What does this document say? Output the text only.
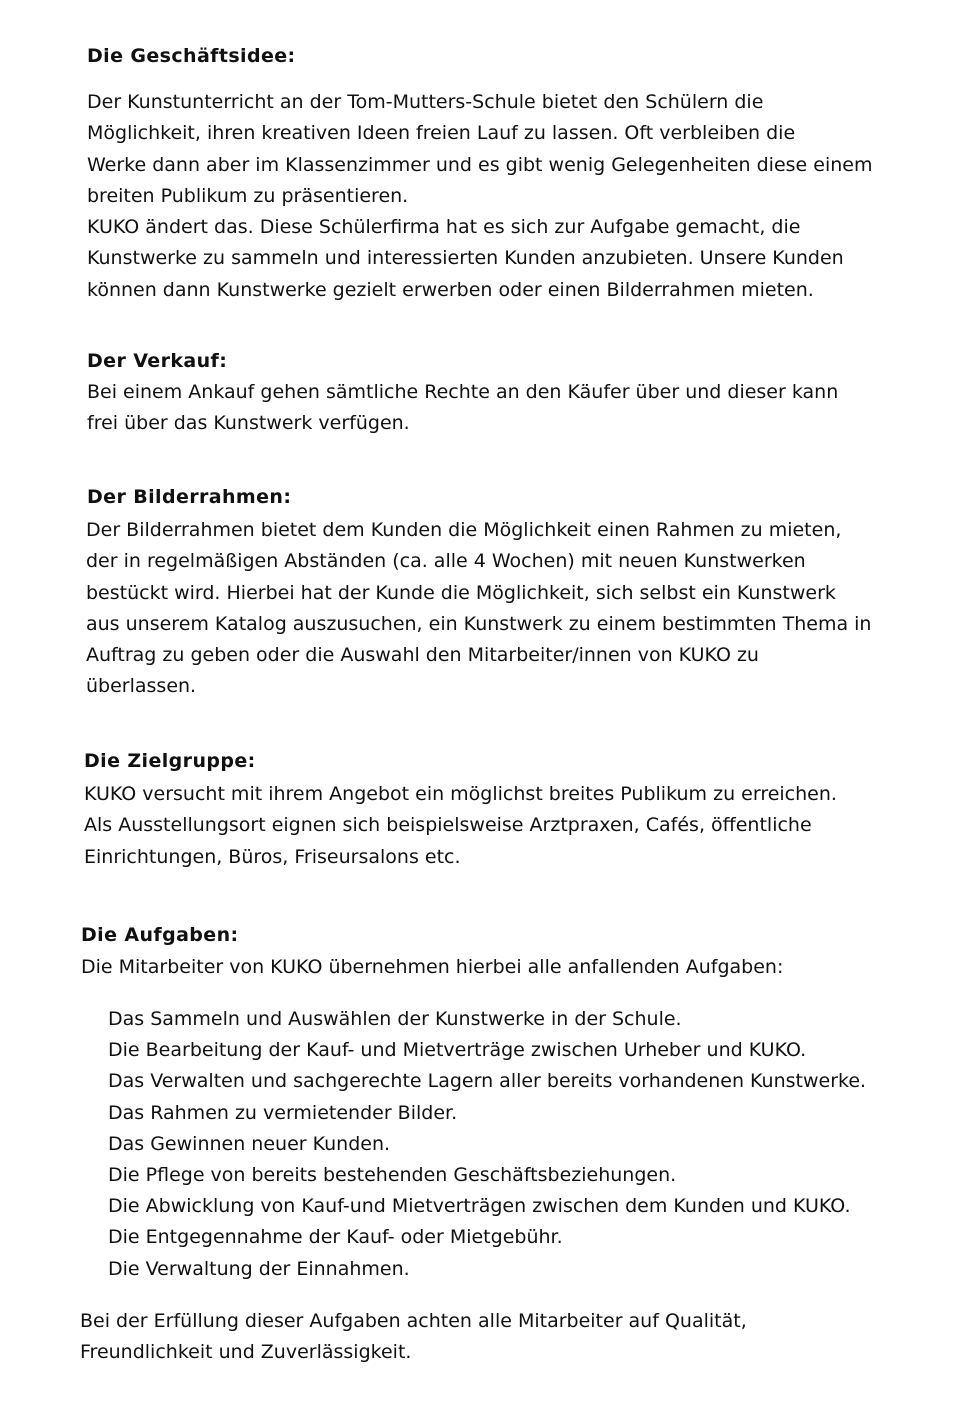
Die Geschäftsidee:
Der Kunstunterricht an der Tom-Mutters-Schule bietet den Schülern die
Möglichkeit, ihren kreativen Ideen freien Lauf zu lassen. Oft verbleiben die
Werke dann aber im Klassenzimmer und es gibt wenig Gelegenheiten diese einem
breiten Publikum zu präsentieren.
KUKO ändert das. Diese Schülerfirma hat es sich zur Aufgabe gemacht, die
Kunstwerke zu sammeln und interessierten Kunden anzubieten. Unsere Kunden
können dann Kunstwerke gezielt erwerben oder einen Bilderrahmen mieten.
Der Verkauf:
Bei einem Ankauf gehen sämtliche Rechte an den Käufer über und dieser kann
frei über das Kunstwerk verfügen.
Der Bilderrahmen:
Der Bilderrahmen bietet dem Kunden die Möglichkeit einen Rahmen zu mieten,
der in regelmäßigen Abständen (ca. alle 4 Wochen) mit neuen Kunstwerken
bestückt wird. Hierbei hat der Kunde die Möglichkeit, sich selbst ein Kunstwerk
aus unserem Katalog auszusuchen, ein Kunstwerk zu einem bestimmten Thema in
Auftrag zu geben oder die Auswahl den Mitarbeiter/innen von KUKO zu
überlassen.
Die Zielgruppe:
KUKO versucht mit ihrem Angebot ein möglichst breites Publikum zu erreichen.
Als Ausstellungsort eignen sich beispielsweise Arztpraxen, Cafés, öffentliche
Einrichtungen, Büros, Friseursalons etc.
Die Aufgaben:
Die Mitarbeiter von KUKO übernehmen hierbei alle anfallenden Aufgaben:
Das Sammeln und Auswählen der Kunstwerke in der Schule.
Die Bearbeitung der Kauf- und Mietverträge zwischen Urheber und KUKO.
Das Verwalten und sachgerechte Lagern aller bereits vorhandenen Kunstwerke.
Das Rahmen zu vermietender Bilder.
Das Gewinnen neuer Kunden.
Die Pflege von bereits bestehenden Geschäftsbeziehungen.
Die Abwicklung von Kauf-und Mietverträgen zwischen dem Kunden und KUKO.
Die Entgegennahme der Kauf- oder Mietgebühr.
Die Verwaltung der Einnahmen.
Bei der Erfüllung dieser Aufgaben achten alle Mitarbeiter auf Qualität,
Freundlichkeit und Zuverlässigkeit.
